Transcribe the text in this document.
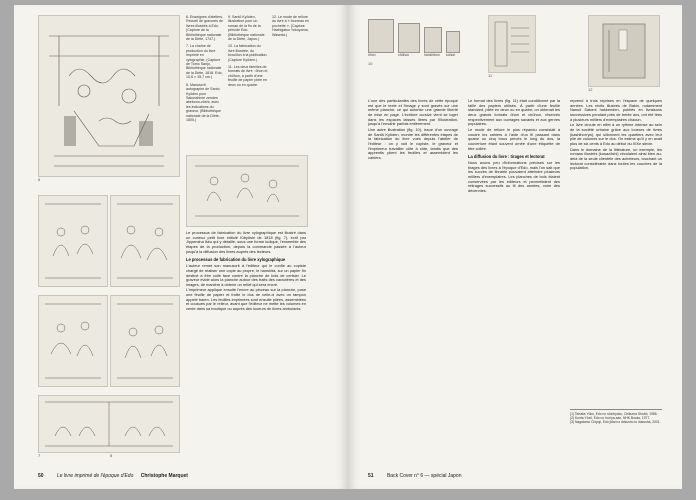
6
6. Enseignes d'ateliers, Recueil de gravures de livres illustrés à Edo. (Capture de la Bibliothèque nationale de la Diète, 1747.)
7. La chaîne de production du livre imprimé en xylographie. (Capture de Tomo Sanjo, Bibliothèque nationale de la Diète, 1818. Edo, 10,6 × 15,7 cm.)
8. Manuscrit autographe de Santo Kyōden pour Sakurahime zenden akebono-zōshi, avec les indications du graveur. (Bibliothèque nationale de la Diète, 1805.)
9. Santō Kyōden, illustration pour un roman de la fin de la période Edo. (Bibliothèque nationale de la Diète, Japon.)
10. La fabrication du livre illustrée, du brouillon à la publication. (Capture Kyōden.)
11. Les deux familles de formats de livre : ōhon et chūhon, à partir d'une feuille de papier pliée en deux ou en quatre.
12. Le mode de reliure du livre à « fourreau en pochette ». (Capture Hachigatsu Yokoyama, Waseda.)

Le processus de fabrication du livre xylographique est illustré dans un curieux petit livre intitulé Kibyōshi de 1818 (fig. 7), écrit par Jippensha Ikku qui y détaille, sous une forme ludique, l'ensemble des étapes de la production, depuis la commande passée à l'auteur jusqu'à la diffusion des livres auprès des lecteurs.

Le processus de fabrication du livre xylographique

L'auteur remet son manuscrit à l'éditeur qui le confie au copiste chargé de réaliser une copie au propre, le hanshita, sur un papier fin destiné à être collé face contre la planche de bois de cerisier. Le graveur évide alors la planche autour des traits des caractères et des images, de manière à obtenir un relief qui sera encré.

L'imprimeur applique ensuite l'encre au pinceau sur la planche, pose une feuille de papier et frotte le dos de celle-ci avec un tampon appelé baren. Les feuilles imprimées sont ensuite pliées, assemblées et cousues par le relieur, avant que l'éditeur ne mette les volumes en vente dans sa boutique ou auprès des loueurs de livres ambulants.

7	8
50	Le livre imprimé de l'époque d'Edo Christophe Marquet
ōhon	chūhon	hanshibon kohon
10
11
12

L'une des particularités des livres de cette époque est que le texte et l'image y sont gravés sur une même planche, ce qui autorise une grande liberté de mise en page. L'écriture cursive vient se loger dans les espaces laissés libres par l'illustration, jusqu'à l'envahir parfois entièrement.

Une autre illustration (fig. 10), issue d'un ouvrage de Santō Kyōden, montre les différentes étapes de la fabrication du livre vues depuis l'atelier de l'éditeur : on y voit le copiste, le graveur et l'imprimeur travailler côte à côte, tandis que des apprentis plient les feuilles et assemblent les cahiers.

Le format des livres (fig. 11) était conditionné par la taille des papiers utilisés. À partir d'une feuille standard, pliée en deux ou en quatre, on obtenait les deux grands formats ōhon et chūhon, réservés respectivement aux ouvrages savants et aux genres populaires.

Le mode de reliure le plus répandu consistait à coudre les cahiers à l'aide d'un fil passant dans quatre ou cinq trous percés le long du dos, la couverture étant souvent ornée d'une étiquette de titre collée.

La diffusion du livre : tirages et lectorat

Nous avons peu d'informations précises sur les tirages des livres à l'époque d'Edo, mais l'on sait que les succès de librairie pouvaient atteindre plusieurs milliers d'exemplaires. Les planches de bois étaient conservées par les éditeurs et permettaient des retirages successifs au fil des années, voire des décennies.

reprend à trois reprises en l'espace de quelques années. Les récits illustrés de Bakin, notamment Nansō Satomi hakkenden, publiés en livraisons successives pendant près de trente ans, ont été tirés à plusieurs milliers d'exemplaires chacun.

Le livre circule en effet à un rythme intense au sein de la société urbaine grâce aux loueurs de livres (kashihon'ya), qui sillonnent les quartiers avec leur pile de volumes sur le dos. On estime qu'il y en avait plus de six cents à Edo au début du XIXe siècle.

Dans le domaine de la littérature, un exemple, les romans illustrés (kusazōshi) circulaient ainsi bien au-delà de la seule clientèle des acheteurs, touchant un lectorat considérable dans toutes les couches de la population.

(1) Tanaka Yūko, Edo no sōzōryoku, Chikuma Shobō, 1986.
(2) Konta Yōzō, Edo no hon'ya-san, NHK Books, 1977.
(3) Nagatomo Chiyoji, Edo jidai no dokusho to dokusha, 2001.
51	Back Cover n° 6 — spécial Japon
